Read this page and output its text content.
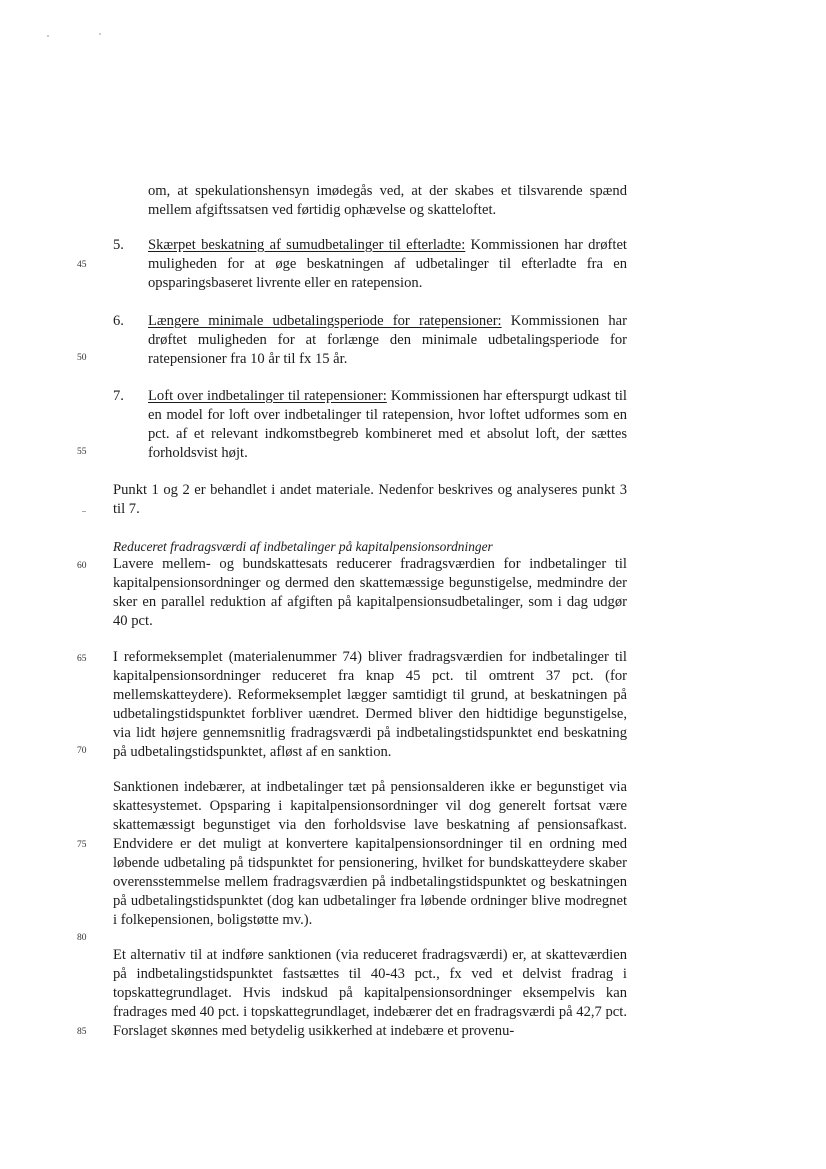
45
50
55
60
65
70
75
80
85

om, at spekulationshensyn imødegås ved, at der skabes et tilsvarende spænd mellem afgiftssatsen ved førtidig ophævelse og skatteloftet.

5.	Skærpet beskatning af sumudbetalinger til efterladte: Kommissionen har drøftet muligheden for at øge beskatningen af udbetalinger til efterladte fra en opsparingsbaseret livrente eller en ratepension.

6.	Længere minimale udbetalingsperiode for ratepensioner: Kommissionen har drøftet muligheden for at forlænge den minimale udbetalingsperiode for ratepensioner fra 10 år til fx 15 år.

7.	Loft over indbetalinger til ratepensioner: Kommissionen har efterspurgt udkast til en model for loft over indbetalinger til ratepension, hvor loftet udformes som en pct. af et relevant indkomstbegreb kombineret med et absolut loft, der sættes forholdsvist højt.

Punkt 1 og 2 er behandlet i andet materiale. Nedenfor beskrives og analyseres punkt 3 til 7.

Reduceret fradragsværdi af indbetalinger på kapitalpensionsordninger

Lavere mellem- og bundskattesats reducerer fradragsværdien for indbetalinger til kapitalpensionsordninger og dermed den skattemæssige begunstigelse, medmindre der sker en parallel reduktion af afgiften på kapitalpensionsudbetalinger, som i dag udgør 40 pct.

I reformeksemplet (materialenummer 74) bliver fradragsværdien for indbetalinger til kapitalpensionsordninger reduceret fra knap 45 pct. til omtrent 37 pct. (for mellemskatteydere). Reformeksemplet lægger samtidigt til grund, at beskatningen på udbetalingstidspunktet forbliver uændret. Dermed bliver den hidtidige begunstigelse, via lidt højere gennemsnitlig fradragsværdi på indbetalingstidspunktet end beskatning på udbetalingstidspunktet, afløst af en sanktion.

Sanktionen indebærer, at indbetalinger tæt på pensionsalderen ikke er begunstiget via skattesystemet. Opsparing i kapitalpensionsordninger vil dog generelt fortsat være skattemæssigt begunstiget via den forholdsvise lave beskatning af pensionsafkast. Endvidere er det muligt at konvertere kapitalpensionsordninger til en ordning med løbende udbetaling på tidspunktet for pensionering, hvilket for bundskatteydere skaber overensstemmelse mellem fradragsværdien på indbetalingstidspunktet og beskatningen på udbetalingstidspunktet (dog kan udbetalinger fra løbende ordninger blive modregnet i folkepensionen, boligstøtte mv.).

Et alternativ til at indføre sanktionen (via reduceret fradragsværdi) er, at skatteværdien på indbetalingstidspunktet fastsættes til 40-43 pct., fx ved et delvist fradrag i topskattegrundlaget. Hvis indskud på kapitalpensionsordninger eksempelvis kan fradrages med 40 pct. i topskattegrundlaget, indebærer det en fradragsværdi på 42,7 pct. Forslaget skønnes med betydelig usikkerhed at indebære et provenu-
